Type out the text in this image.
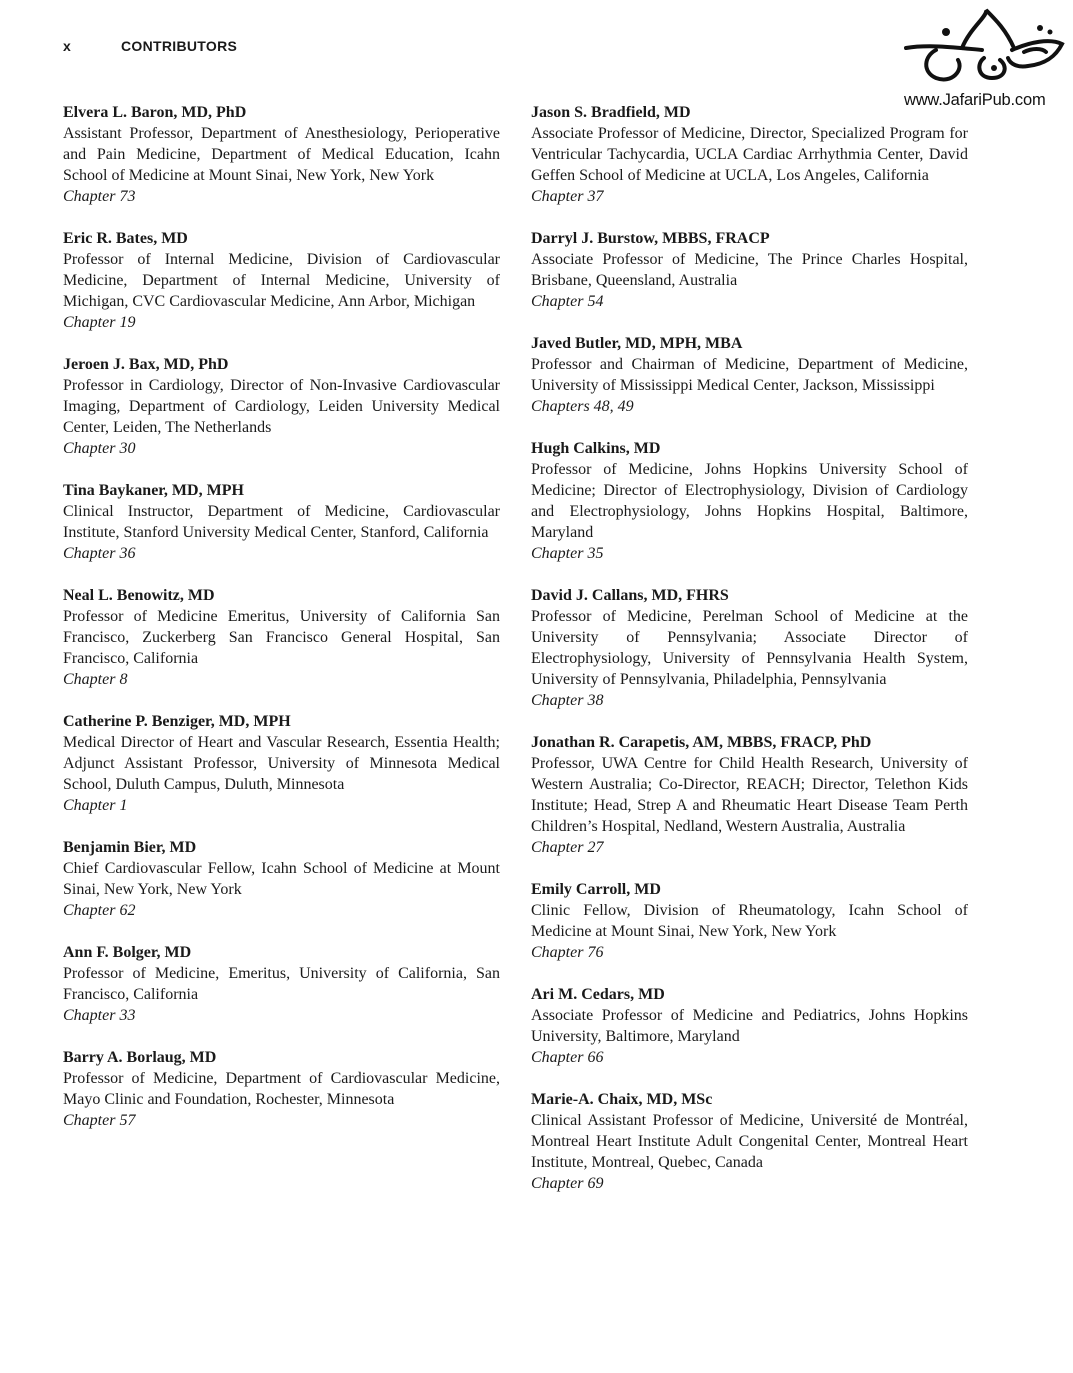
x	CONTRIBUTORS
www.JafariPub.com
Elvera L. Baron, MD, PhD
Assistant Professor, Department of Anesthesiology, Perioperative and Pain Medicine, Department of Medical Education, Icahn School of Medicine at Mount Sinai, New York, New York
Chapter 73
Eric R. Bates, MD
Professor of Internal Medicine, Division of Cardiovascular Medicine, Department of Internal Medicine, University of Michigan, CVC Cardiovascular Medicine, Ann Arbor, Michigan
Chapter 19
Jeroen J. Bax, MD, PhD
Professor in Cardiology, Director of Non-Invasive Cardiovascular Imaging, Department of Cardiology, Leiden University Medical Center, Leiden, The Netherlands
Chapter 30
Tina Baykaner, MD, MPH
Clinical Instructor, Department of Medicine, Cardiovascular Institute, Stanford University Medical Center, Stanford, California
Chapter 36
Neal L. Benowitz, MD
Professor of Medicine Emeritus, University of California San Francisco, Zuckerberg San Francisco General Hospital, San Francisco, California
Chapter 8
Catherine P. Benziger, MD, MPH
Medical Director of Heart and Vascular Research, Essentia Health; Adjunct Assistant Professor, University of Minnesota Medical School, Duluth Campus, Duluth, Minnesota
Chapter 1
Benjamin Bier, MD
Chief Cardiovascular Fellow, Icahn School of Medicine at Mount Sinai, New York, New York
Chapter 62
Ann F. Bolger, MD
Professor of Medicine, Emeritus, University of California, San Francisco, California
Chapter 33
Barry A. Borlaug, MD
Professor of Medicine, Department of Cardiovascular Medicine, Mayo Clinic and Foundation, Rochester, Minnesota
Chapter 57
Jason S. Bradfield, MD
Associate Professor of Medicine, Director, Specialized Program for Ventricular Tachycardia, UCLA Cardiac Arrhythmia Center, David Geffen School of Medicine at UCLA, Los Angeles, California
Chapter 37
Darryl J. Burstow, MBBS, FRACP
Associate Professor of Medicine, The Prince Charles Hospital, Brisbane, Queensland, Australia
Chapter 54
Javed Butler, MD, MPH, MBA
Professor and Chairman of Medicine, Department of Medicine, University of Mississippi Medical Center, Jackson, Mississippi
Chapters 48, 49
Hugh Calkins, MD
Professor of Medicine, Johns Hopkins University School of Medicine; Director of Electrophysiology, Division of Cardiology and Electrophysiology, Johns Hopkins Hospital, Baltimore, Maryland
Chapter 35
David J. Callans, MD, FHRS
Professor of Medicine, Perelman School of Medicine at the University of Pennsylvania; Associate Director of Electrophysiology, University of Pennsylvania Health System, University of Pennsylvania, Philadelphia, Pennsylvania
Chapter 38
Jonathan R. Carapetis, AM, MBBS, FRACP, PhD
Professor, UWA Centre for Child Health Research, University of Western Australia; Co-Director, REACH; Director, Telethon Kids Institute; Head, Strep A and Rheumatic Heart Disease Team Perth Children’s Hospital, Nedland, Western Australia, Australia
Chapter 27
Emily Carroll, MD
Clinic Fellow, Division of Rheumatology, Icahn School of Medicine at Mount Sinai, New York, New York
Chapter 76
Ari M. Cedars, MD
Associate Professor of Medicine and Pediatrics, Johns Hopkins University, Baltimore, Maryland
Chapter 66
Marie-A. Chaix, MD, MSc
Clinical Assistant Professor of Medicine, Université de Montréal, Montreal Heart Institute Adult Congenital Center, Montreal Heart Institute, Montreal, Quebec, Canada
Chapter 69
